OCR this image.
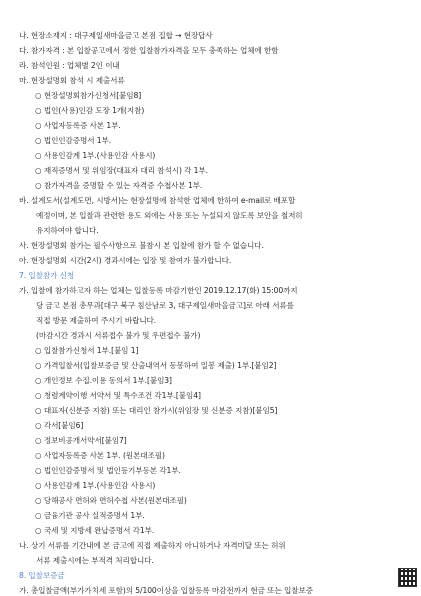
나. 현장소재지 : 대구제일새마을금고 본점 집합 → 현장답사
다. 참가자격 : 본 입찰공고에서 정한 입찰참가자격을 모두 충족하는 업체에 한함
라. 참석인원 : 업체별 2인 이내
마. 현장설명회 참석 시 제출서류
○ 현장설명회참가신청서[붙임8]
○ 법인(사용)인감 도장 1개(지참)
○ 사업자등록증 사본 1부.
○ 법인인감증명서 1부.
○ 사용인감계 1부.(사용인감 사용시)
○ 재직증명서 및 위임장(대표자 대리 참석시) 각 1부.
○ 참가자격을 증명할 수 있는 자격증 수첩사본 1부.
바. 설계도서(설계도면, 시방서)는 현장설명에 참석한 업체에 한하여 e-mail로 배포할
예정이며, 본 입찰과 관련한 용도 외에는 사용 또는 누설되지 않도록 보안을 철저히
유지하여야 합니다.
사. 현장설명회 참가는 필수사항으로 불참시 본 입찰에 참가 할 수 없습니다.
아. 현장설명회 시간(2시) 경과시에는 입장 및 참여가 불가합니다.
7. 입찰참가 신청
가. 입찰에 참가하고자 하는 업체는 입찰등록 마감기한인 2019.12.17(화) 15:00까지
당 금고 본점 총무과[대구 북구 침산남로 3, 대구제일새마을금고]로 아래 서류를
직접 방문 제출하여 주시기 바랍니다.
(마감시간 경과시 서류접수 불가 및 우편접수 불가)
○ 입찰참가신청서 1부.[붙임 1]
○ 가격입찰서(입찰보증금 및 산출내역서 동봉하여 밀봉 제출) 1부.[붙임2]
○ 개인정보 수집.이용 동의서 1부.[붙임3]
○ 청렴계약이행 서약서 및 특수조건 각1부.[붙임4]
○ 대표자(신분증 지참) 또는 대리인 참가시(위임장 및 신분증 지참)[붙임5]
○ 각서[붙임6]
○ 정보비공개서약서[붙임7]
○ 사업자등록증 사본 1부. (원본대조필)
○ 법인인감증명서 및 법인등기부등본 각1부.
○ 사용인감계 1부.(사용인감 사용시)
○ 당해공사 면허와 면허수첩 사본(원본대조필)
○ 금융기관 공사 실적증명서 1부.
○ 국세 및 지방세 완납증명서 각1부.
나. 상기 서류를 기간내에 본 금고에 직접 제출하지 아니하거나 자격미달 또는 허위
서류 제출시에는 부적격 처리합니다.
8. 입찰보증금
가. 총입찰금액(부가가치세 포함)의 5/100이상을 입찰등록 마감전까지 현금 또는 입찰보증
